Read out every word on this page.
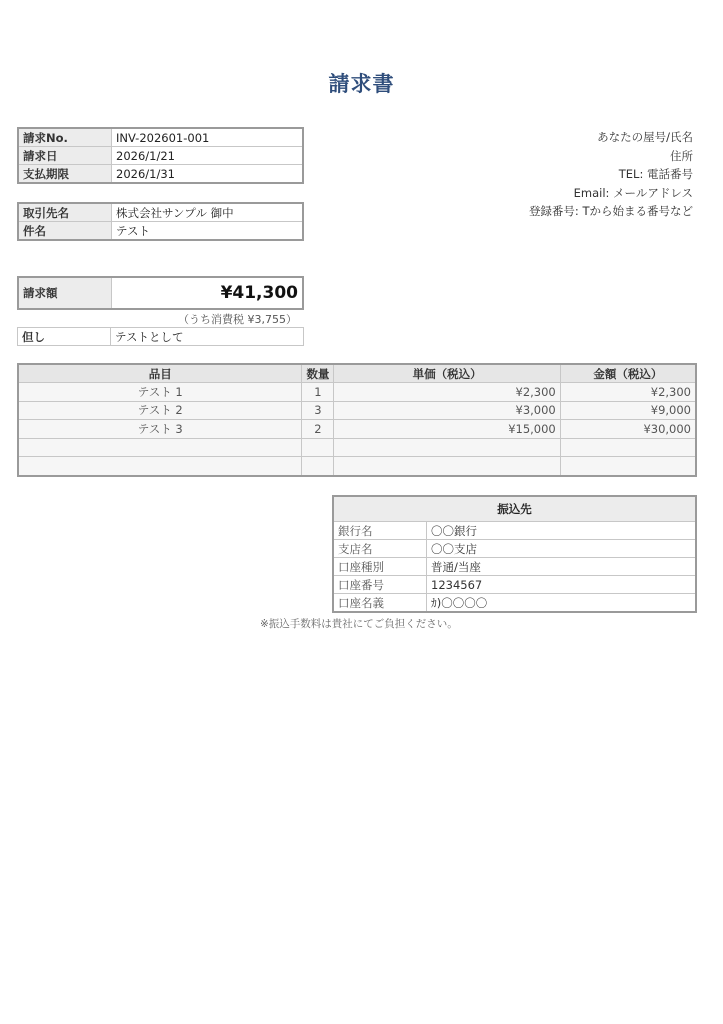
請求書
請求No.	INV-202601-001
請求日	2026/1/21
支払期限	2026/1/31
取引先名	株式会社サンプル 御中
件名	テスト
請求額	¥41,300
（うち消費税 ¥3,755）
但し	テストとして
あなたの屋号/氏名
住所
TEL: 電話番号
Email: メールアドレス
登録番号: Tから始まる番号など
品目	数量	単価（税込）	金額（税込）
テスト 1	1	¥2,300	¥2,300
テスト 2	3	¥3,000	¥9,000
テスト 3	2	¥15,000	¥30,000

振込先	
銀行名	〇〇銀行
支店名	〇〇支店
口座種別	普通/当座
口座番号	1234567
口座名義	ｶ)〇〇〇〇
※振込手数料は貴社にてご負担ください。
